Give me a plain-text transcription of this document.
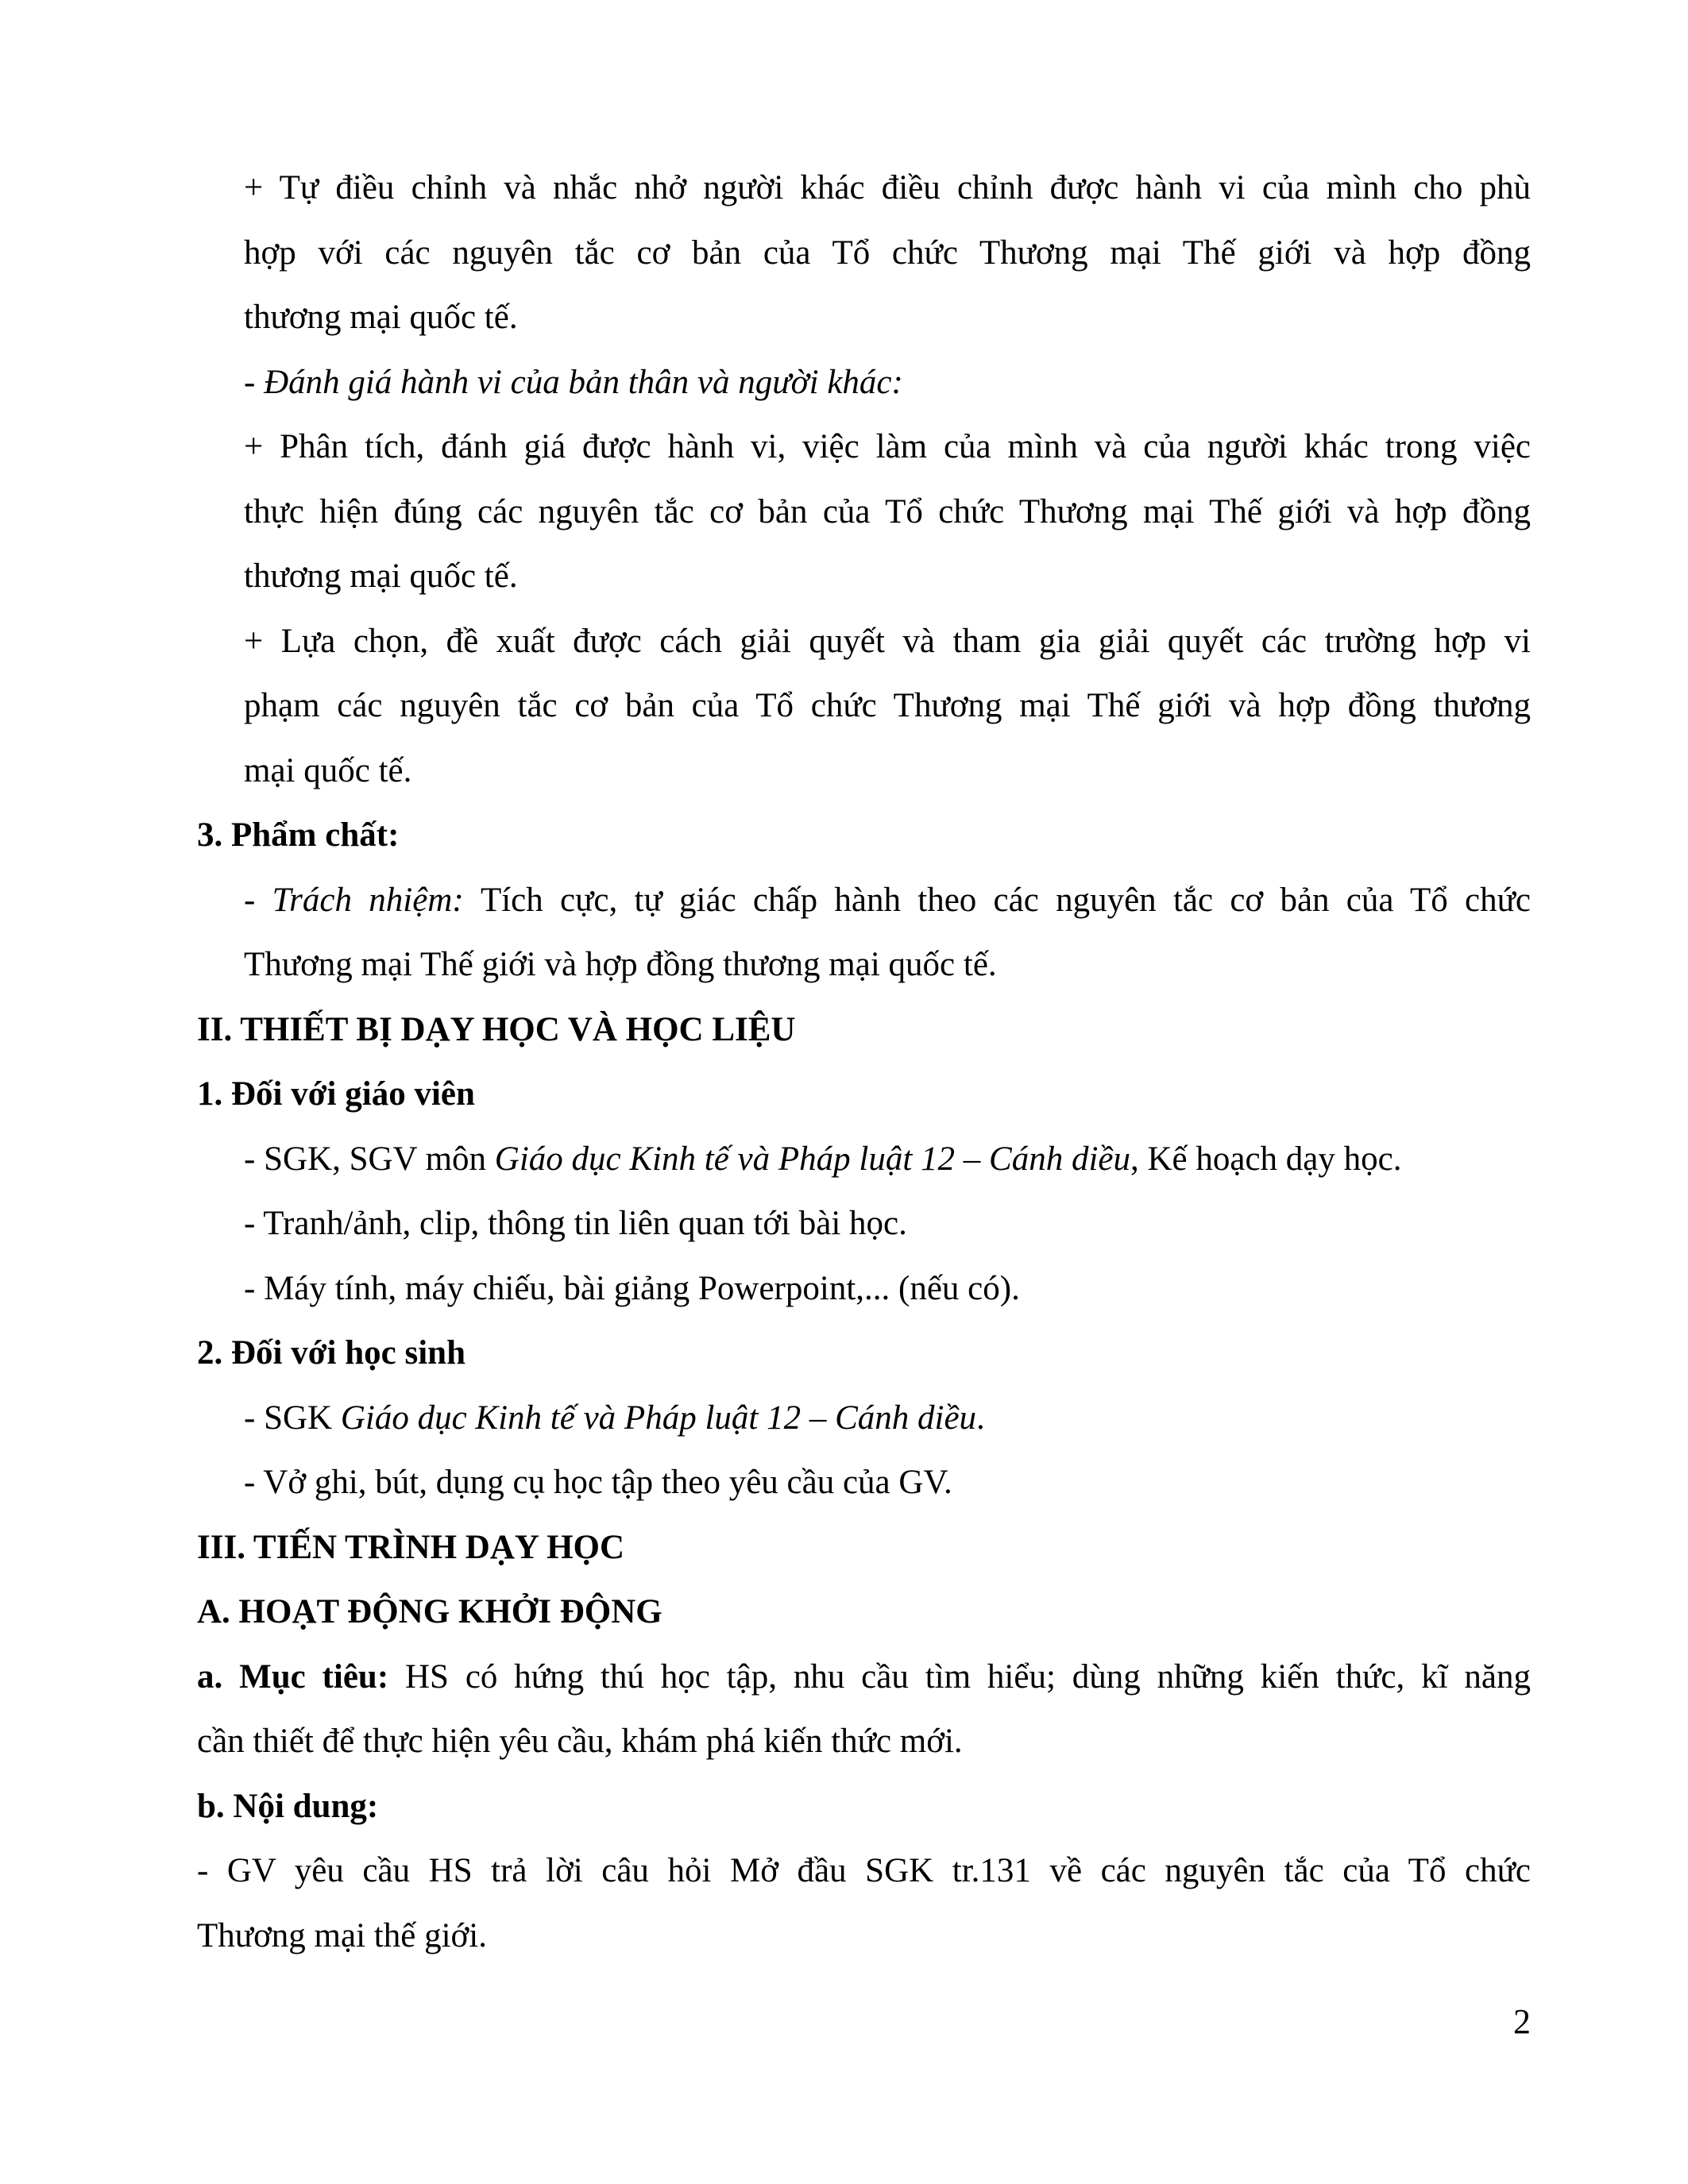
+ Tự điều chỉnh và nhắc nhở người khác điều chỉnh được hành vi của mình cho phù
hợp với các nguyên tắc cơ bản của Tổ chức Thương mại Thế giới và hợp đồng
thương mại quốc tế.
- Đánh giá hành vi của bản thân và người khác:
+ Phân tích, đánh giá được hành vi, việc làm của mình và của người khác trong việc
thực hiện đúng các nguyên tắc cơ bản của Tổ chức Thương mại Thế giới và hợp đồng
thương mại quốc tế.
+ Lựa chọn, đề xuất được cách giải quyết và tham gia giải quyết các trường hợp vi
phạm các nguyên tắc cơ bản của Tổ chức Thương mại Thế giới và hợp đồng thương
mại quốc tế.
3. Phẩm chất:
- Trách nhiệm: Tích cực, tự giác chấp hành theo các nguyên tắc cơ bản của Tổ chức
Thương mại Thế giới và hợp đồng thương mại quốc tế.
II. THIẾT BỊ DẠY HỌC VÀ HỌC LIỆU
1. Đối với giáo viên
- SGK, SGV môn Giáo dục Kinh tế và Pháp luật 12 – Cánh diều, Kế hoạch dạy học.
- Tranh/ảnh, clip, thông tin liên quan tới bài học.
- Máy tính, máy chiếu, bài giảng Powerpoint,... (nếu có).
2. Đối với học sinh
- SGK Giáo dục Kinh tế và Pháp luật 12 – Cánh diều.
- Vở ghi, bút, dụng cụ học tập theo yêu cầu của GV.
III. TIẾN TRÌNH DẠY HỌC
A. HOẠT ĐỘNG KHỞI ĐỘNG
a. Mục tiêu: HS có hứng thú học tập, nhu cầu tìm hiểu; dùng những kiến thức, kĩ năng
cần thiết để thực hiện yêu cầu, khám phá kiến thức mới.
b. Nội dung:
- GV yêu cầu HS trả lời câu hỏi Mở đầu SGK tr.131 về các nguyên tắc của Tổ chức
Thương mại thế giới.
2
